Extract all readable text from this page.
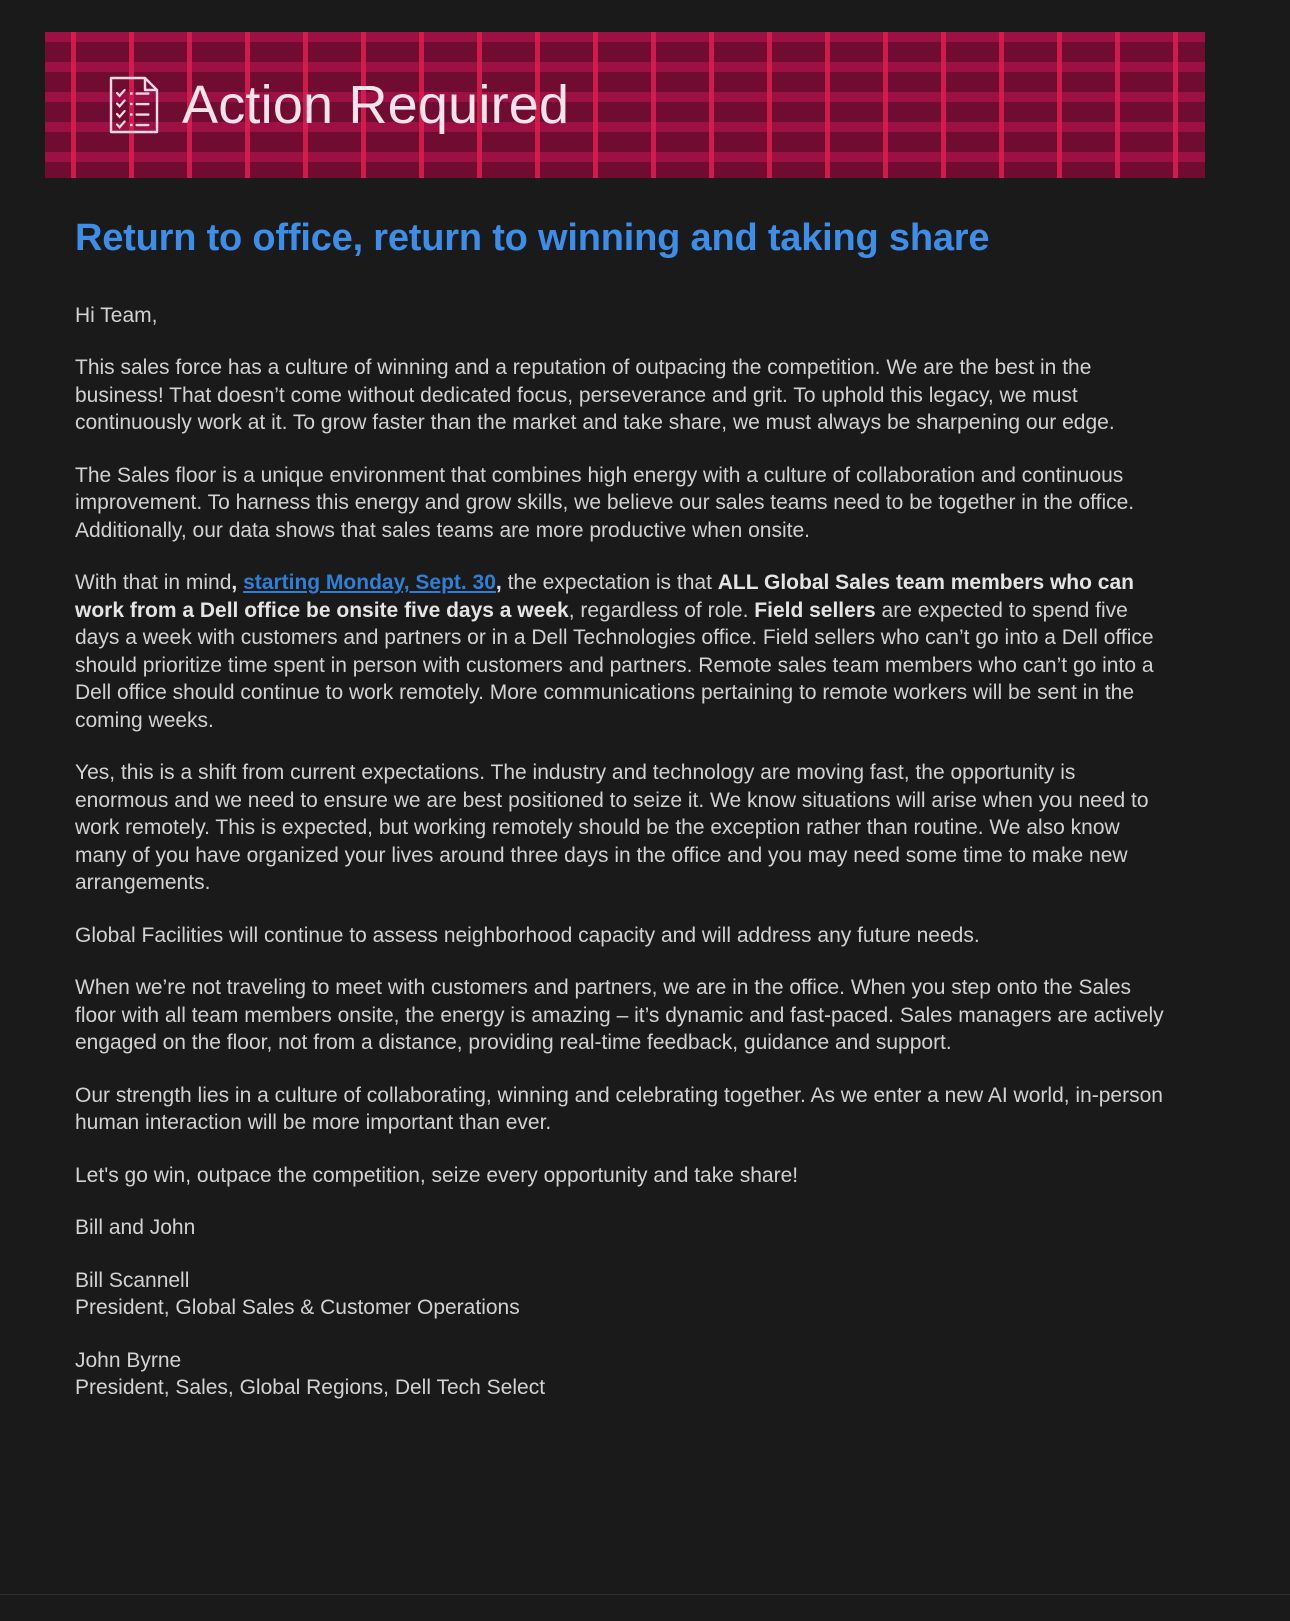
Action Required
Return to office, return to winning and taking share

Hi Team,

This sales force has a culture of winning and a reputation of outpacing the competition. We are the best in the business! That doesn’t come without dedicated focus, perseverance and grit. To uphold this legacy, we must continuously work at it. To grow faster than the market and take share, we must always be sharpening our edge.

The Sales floor is a unique environment that combines high energy with a culture of collaboration and continuous improvement. To harness this energy and grow skills, we believe our sales teams need to be together in the office. Additionally, our data shows that sales teams are more productive when onsite.

With that in mind, starting Monday, Sept. 30, the expectation is that ALL Global Sales team members who can work from a Dell office be onsite five days a week, regardless of role. Field sellers are expected to spend five days a week with customers and partners or in a Dell Technologies office. Field sellers who can’t go into a Dell office should prioritize time spent in person with customers and partners. Remote sales team members who can’t go into a Dell office should continue to work remotely. More communications pertaining to remote workers will be sent in the coming weeks.

Yes, this is a shift from current expectations. The industry and technology are moving fast, the opportunity is enormous and we need to ensure we are best positioned to seize it. We know situations will arise when you need to work remotely. This is expected, but working remotely should be the exception rather than routine. We also know many of you have organized your lives around three days in the office and you may need some time to make new arrangements.

Global Facilities will continue to assess neighborhood capacity and will address any future needs.

When we’re not traveling to meet with customers and partners, we are in the office. When you step onto the Sales floor with all team members onsite, the energy is amazing – it’s dynamic and fast-paced. Sales managers are actively engaged on the floor, not from a distance, providing real-time feedback, guidance and support.

Our strength lies in a culture of collaborating, winning and celebrating together. As we enter a new AI world, in-person human interaction will be more important than ever.

Let's go win, outpace the competition, seize every opportunity and take share!

Bill and John

Bill Scannell
President, Global Sales & Customer Operations
John Byrne
President, Sales, Global Regions, Dell Tech Select
